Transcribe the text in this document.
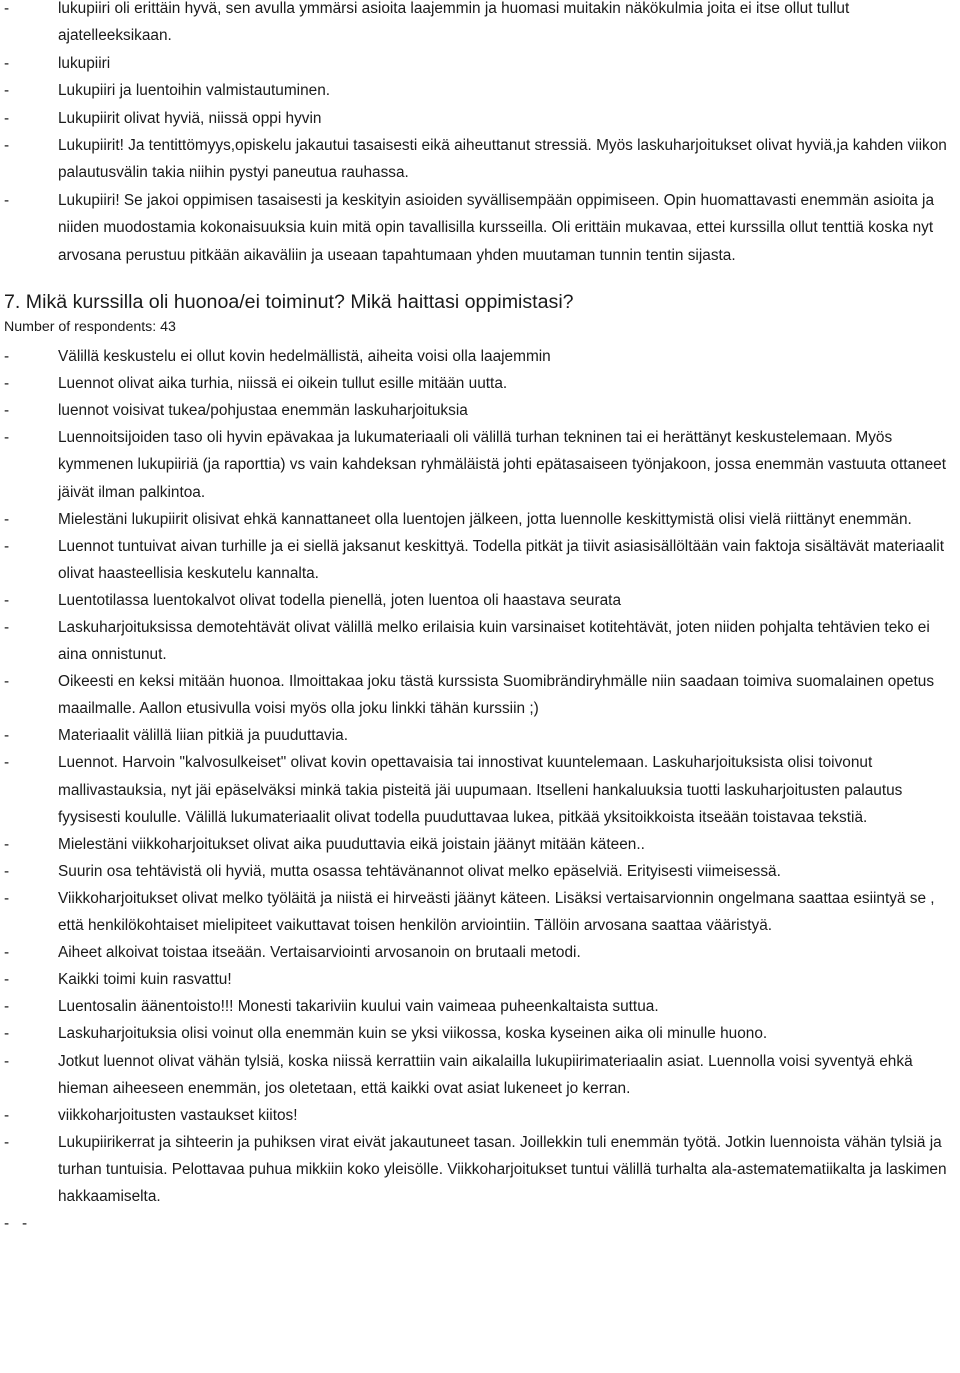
-	lukupiiri oli erittäin hyvä, sen avulla ymmärsi asioita laajemmin ja huomasi muitakin näkökulmia joita ei itse ollut tullut ajatelleeksikaan.
-	lukupiiri
-	Lukupiiri ja luentoihin valmistautuminen.
-	Lukupiirit olivat hyviä, niissä oppi hyvin
-	Lukupiirit! Ja tentittömyys,opiskelu jakautui tasaisesti eikä aiheuttanut stressiä. Myös laskuharjoitukset olivat hyviä,ja kahden viikon palautusvälin takia niihin pystyi paneutua rauhassa.
-	Lukupiiri! Se jakoi oppimisen tasaisesti ja keskityin asioiden syvällisempään oppimiseen. Opin huomattavasti enemmän asioita ja niiden muodostamia kokonaisuuksia kuin mitä opin tavallisilla kursseilla. Oli erittäin mukavaa, ettei kurssilla ollut tenttiä koska nyt arvosana perustuu pitkään aikaväliin ja useaan tapahtumaan yhden muutaman tunnin tentin sijasta.
7. Mikä kurssilla oli huonoa/ei toiminut? Mikä haittasi oppimistasi?
Number of respondents: 43
-	Välillä keskustelu ei ollut kovin hedelmällistä, aiheita voisi olla laajemmin
-	Luennot olivat aika turhia, niissä ei oikein tullut esille mitään uutta.
-	luennot voisivat tukea/pohjustaa enemmän laskuharjoituksia
-	Luennoitsijoiden taso oli hyvin epävakaa ja lukumateriaali oli välillä turhan tekninen tai ei herättänyt keskustelemaan. Myös kymmenen lukupiiriä (ja raporttia) vs vain kahdeksan ryhmäläistä johti epätasaiseen työnjakoon, jossa enemmän vastuuta ottaneet jäivät ilman palkintoa.
-	Mielestäni lukupiirit olisivat ehkä kannattaneet olla luentojen jälkeen, jotta luennolle keskittymistä olisi vielä riittänyt enemmän.
-	Luennot tuntuivat aivan turhille ja ei siellä jaksanut keskittyä. Todella pitkät ja tiivit asiasisällöltään vain faktoja sisältävät materiaalit olivat haasteellisia keskutelu kannalta.
-	Luentotilassa luentokalvot olivat todella pienellä, joten luentoa oli haastava seurata
-	Laskuharjoituksissa demotehtävät olivat välillä melko erilaisia kuin varsinaiset kotitehtävät, joten niiden pohjalta tehtävien teko ei aina onnistunut.
-	Oikeesti en keksi mitään huonoa. Ilmoittakaa joku tästä kurssista Suomibrändiryhmälle niin saadaan toimiva suomalainen opetus maailmalle. Aallon etusivulla voisi myös olla joku linkki tähän kurssiin ;)
-	Materiaalit välillä liian pitkiä ja puuduttavia.
-	Luennot. Harvoin "kalvosulkeiset" olivat kovin opettavaisia tai innostivat kuuntelemaan. Laskuharjoituksista olisi toivonut mallivastauksia, nyt jäi epäselväksi minkä takia pisteitä jäi uupumaan. Itselleni hankaluuksia tuotti laskuharjoitusten palautus fyysisesti koululle. Välillä lukumateriaalit olivat todella puuduttavaa lukea, pitkää yksitoikkoista itseään toistavaa tekstiä.
-	Mielestäni viikkoharjoitukset olivat aika puuduttavia eikä joistain jäänyt mitään käteen..
-	Suurin osa tehtävistä oli hyviä, mutta osassa tehtävänannot olivat melko epäselviä. Erityisesti viimeisessä.
-	Viikkoharjoitukset olivat melko työläitä ja niistä ei hirveästi jäänyt käteen. Lisäksi vertaisarvionnin ongelmana saattaa esiintyä se , että henkilökohtaiset mielipiteet vaikuttavat toisen henkilön arviointiin. Tällöin arvosana saattaa vääristyä.
-	Aiheet alkoivat toistaa itseään. Vertaisarviointi arvosanoin on brutaali metodi.
-	Kaikki toimi kuin rasvattu!
-	Luentosalin äänentoisto!!! Monesti takariviin kuului vain vaimeaa puheenkaltaista suttua.
-	Laskuharjoituksia olisi voinut olla enemmän kuin se yksi viikossa, koska kyseinen aika oli minulle huono.
-	Jotkut luennot olivat vähän tylsiä, koska niissä kerrattiin vain aikalailla lukupiirimateriaalin asiat. Luennolla voisi syventyä ehkä hieman aiheeseen enemmän, jos oletetaan, että kaikki ovat asiat lukeneet jo kerran.
-	viikkoharjoitusten vastaukset kiitos!
-	Lukupiirikerrat ja sihteerin ja puhiksen virat eivät jakautuneet tasan. Joillekkin tuli enemmän työtä. Jotkin luennoista vähän tylsiä ja turhan tuntuisia. Pelottavaa puhua mikkiin koko yleisölle. Viikkoharjoitukset tuntui välillä turhalta ala-astematematiikalta ja laskimen hakkaamiselta.
-   -
